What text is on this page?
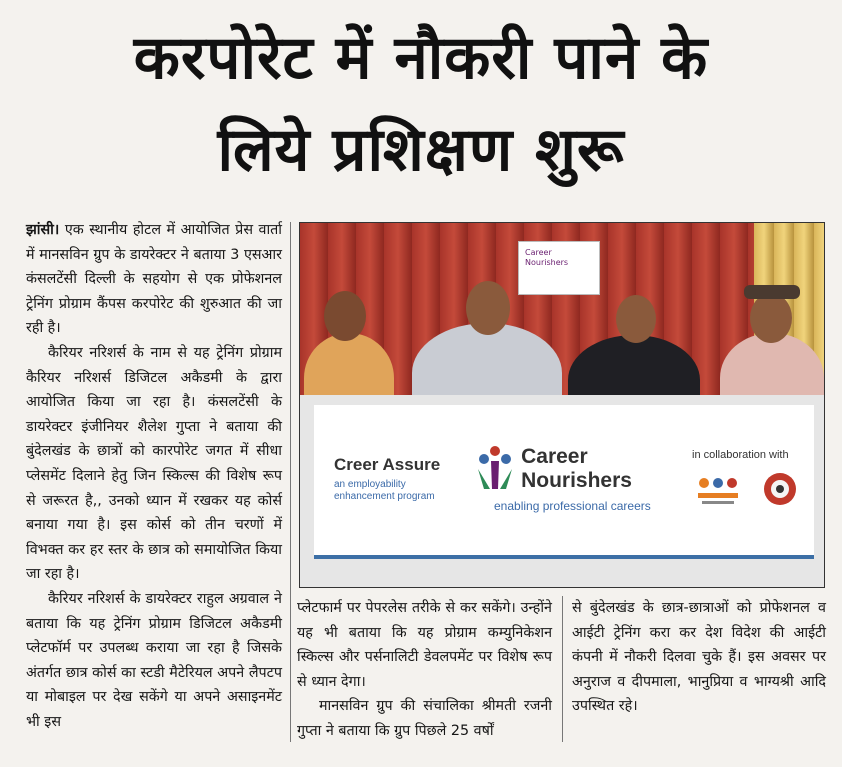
करपोरेट में नौकरी पाने के
लिये प्रशिक्षण शुरू

झांसी। एक स्थानीय होटल में आयोजित प्रेस वार्ता में मानसविन ग्रुप के डायरेक्टर ने बताया 3 एसआर कंसलटेंसी दिल्ली के सहयोग से एक प्रोफेशनल ट्रेनिंग प्रोग्राम कैंपस करपोरेट की शुरुआत की जा रही है।

कैरियर नरिशर्स के नाम से यह ट्रेनिंग प्रोग्राम कैरियर नरिशर्स डिजिटल अकैडमी के द्वारा आयोजित किया जा रहा है। कंसलटेंसी के डायरेक्टर इंजीनियर शैलेश गुप्ता ने बताया की बुंदेलखंड के छात्रों को कारपोरेट जगत में सीधा प्लेसमेंट दिलाने हेतु जिन स्किल्स की विशेष रूप से जरूरत है,, उनको ध्यान में रखकर यह कोर्स बनाया गया है। इस कोर्स को तीन चरणों में विभक्त कर हर स्तर के छात्र को समायोजित किया जा रहा है।

कैरियर नरिशर्स के डायरेक्टर राहुल अग्रवाल ने बताया कि यह ट्रेनिंग प्रोग्राम डिजिटल अकैडमी प्लेटफॉर्म पर उपलब्ध कराया जा रहा है जिसके अंतर्गत छात्र कोर्स का स्टडी मैटेरियल अपने लैपटप या मोबाइल पर देख सकेंगे या अपने असाइनमेंट भी इस

Career Nourishers
Creer Assure
an employability enhancement program
Career
Nourishers
enabling professional careers
in collaboration with

प्लेटफार्म पर पेपरलेस तरीके से कर सकेंगे। उन्होंने यह भी बताया कि यह प्रोग्राम कम्युनिकेशन स्किल्स और पर्सनालिटी डेवलपमेंट पर विशेष रूप से ध्यान देगा।

मानसविन ग्रुप की संचालिका श्रीमती रजनी गुप्ता ने बताया कि ग्रुप पिछले 25 वर्षों

से बुंदेलखंड के छात्र-छात्राओं को प्रोफेशनल व आईटी ट्रेनिंग करा कर देश विदेश की आईटी कंपनी में नौकरी दिलवा चुके हैं। इस अवसर पर अनुराज व दीपमाला, भानुप्रिया व भाग्यश्री आदि उपस्थित रहे।
